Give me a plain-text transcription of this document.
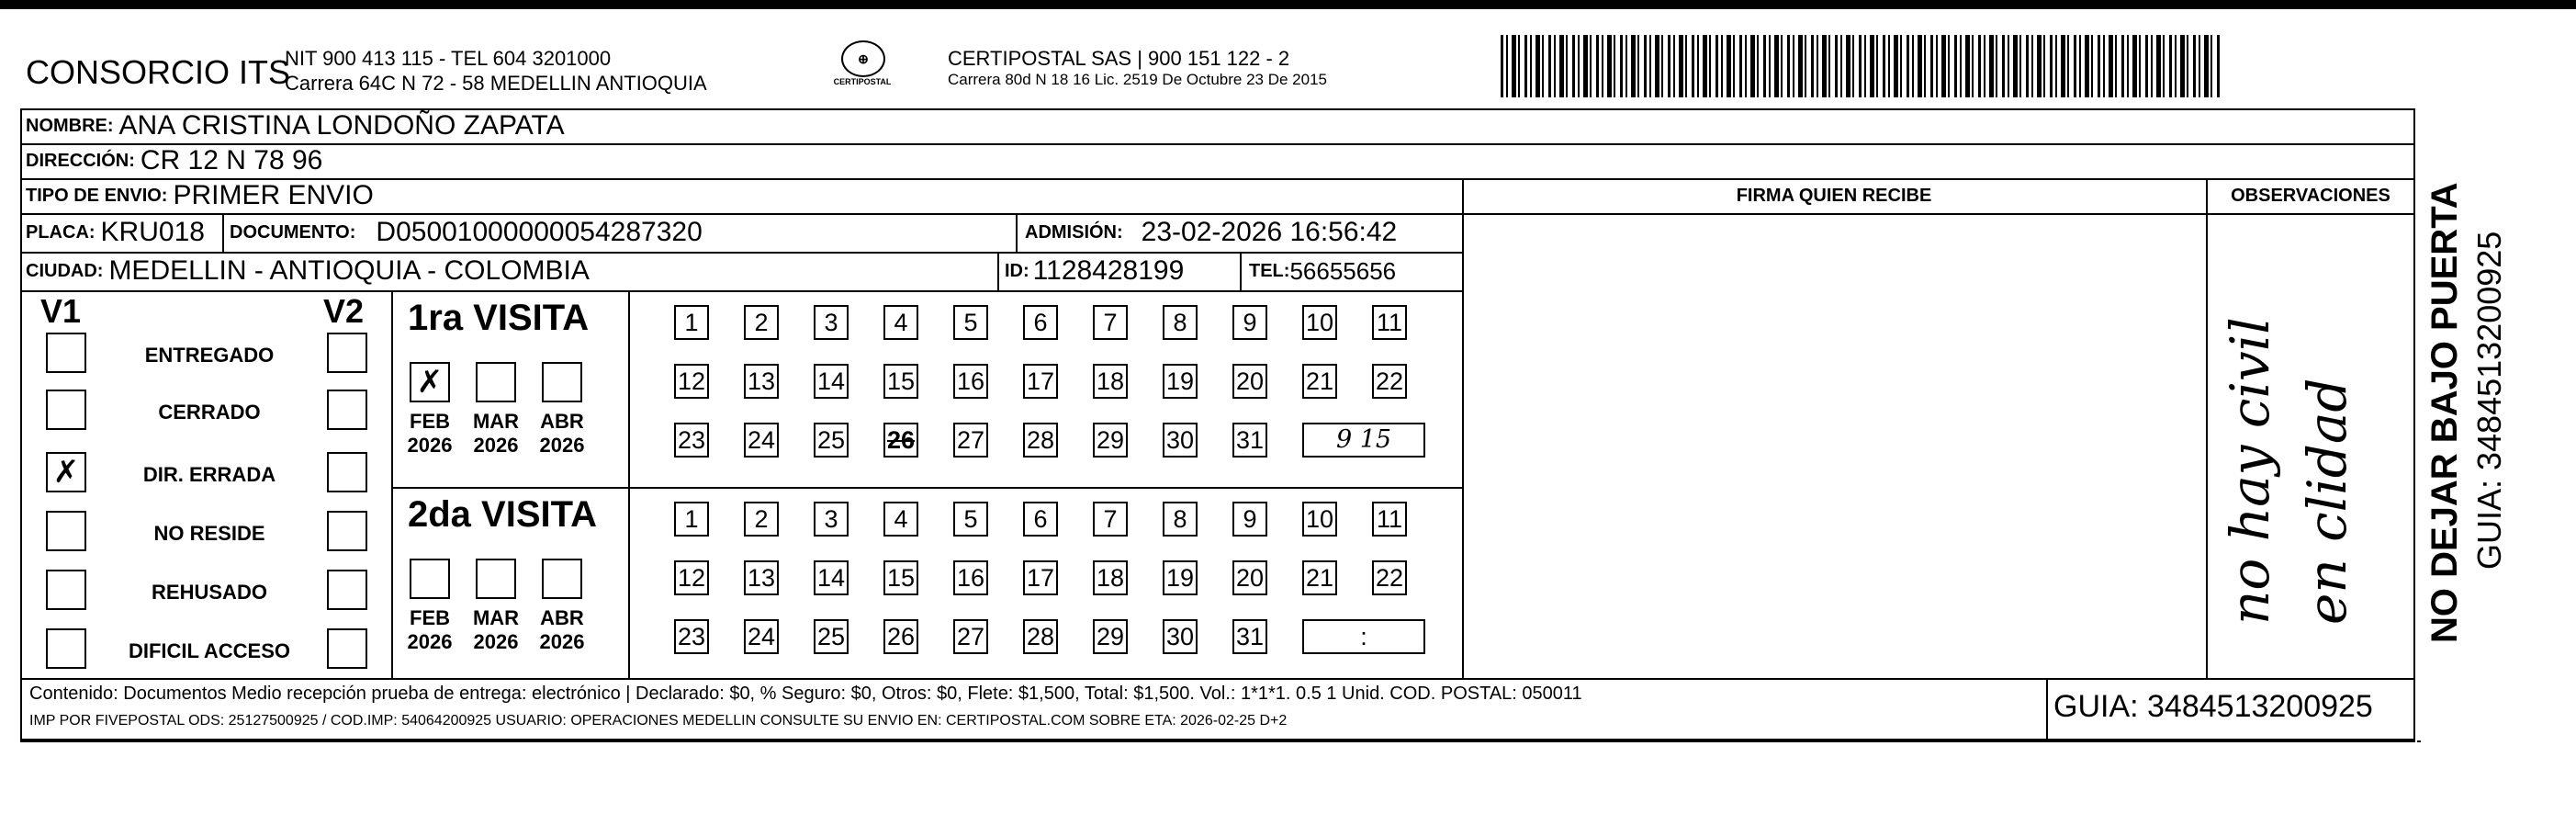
CONSORCIO ITS
NIT 900 413 115 - TEL 604 3201000
Carrera 64C N 72 - 58 MEDELLIN ANTIOQUIA
⊕
CERTIPOSTAL
CERTIPOSTAL SAS | 900 151 122 - 2
Carrera 80d N 18 16 Lic. 2519 De Octubre 23 De 2015
NOMBRE: ANA CRISTINA LONDOÑO ZAPATA
DIRECCIÓN: CR 12 N 78 96
TIPO DE ENVIO: PRIMER ENVIO	FIRMA QUIEN RECIBE	OBSERVACIONES
PLACA: KRU018 DOCUMENTO: D05001000000054287320	ADMISIÓN: 23-02-2026 16:56:42
CIUDAD: MEDELLIN - ANTIOQUIA - COLOMBIA	ID: 1128428199	TEL: 56655656
V1	V2
no hay civil en clidad
Contenido: Documentos Medio recepción prueba de entrega: electrónico | Declarado: $0, % Seguro: $0, Otros: $0, Flete: $1,500, Total: $1,500. Vol.: 1*1*1. 0.5 1 Unid. COD. POSTAL: 050011
IMP POR FIVEPOSTAL ODS: 25127500925 / COD.IMP: 54064200925 USUARIO: OPERACIONES MEDELLIN CONSULTE SU ENVIO EN: CERTIPOSTAL.COM SOBRE ETA: 2026-02-25 D+2	GUIA: 3484513200925
NO DEJAR BAJO PUERTA GUIA: 3484513200925
ENTREGADO
CERRADO
✗	DIR. ERRADA
NO RESIDE
REHUSADO
DIFICIL ACCESO
1ra VISITA
✗
FEB
2026
MAR
2026
ABR
2026
1	2	3	4	5	6	7	8	9	10 11
12 13 14 15 16 17 18 19 20 21 22
23 24 25 26 27 28 29 30 31	9 15
2da VISITA
FEB
2026
MAR
2026
ABR
2026
1	2	3	4	5	6	7	8	9	10 11
12 13 14 15 16 17 18 19 20 21 22
23 24 25 26 27 28 29 30 31	:
